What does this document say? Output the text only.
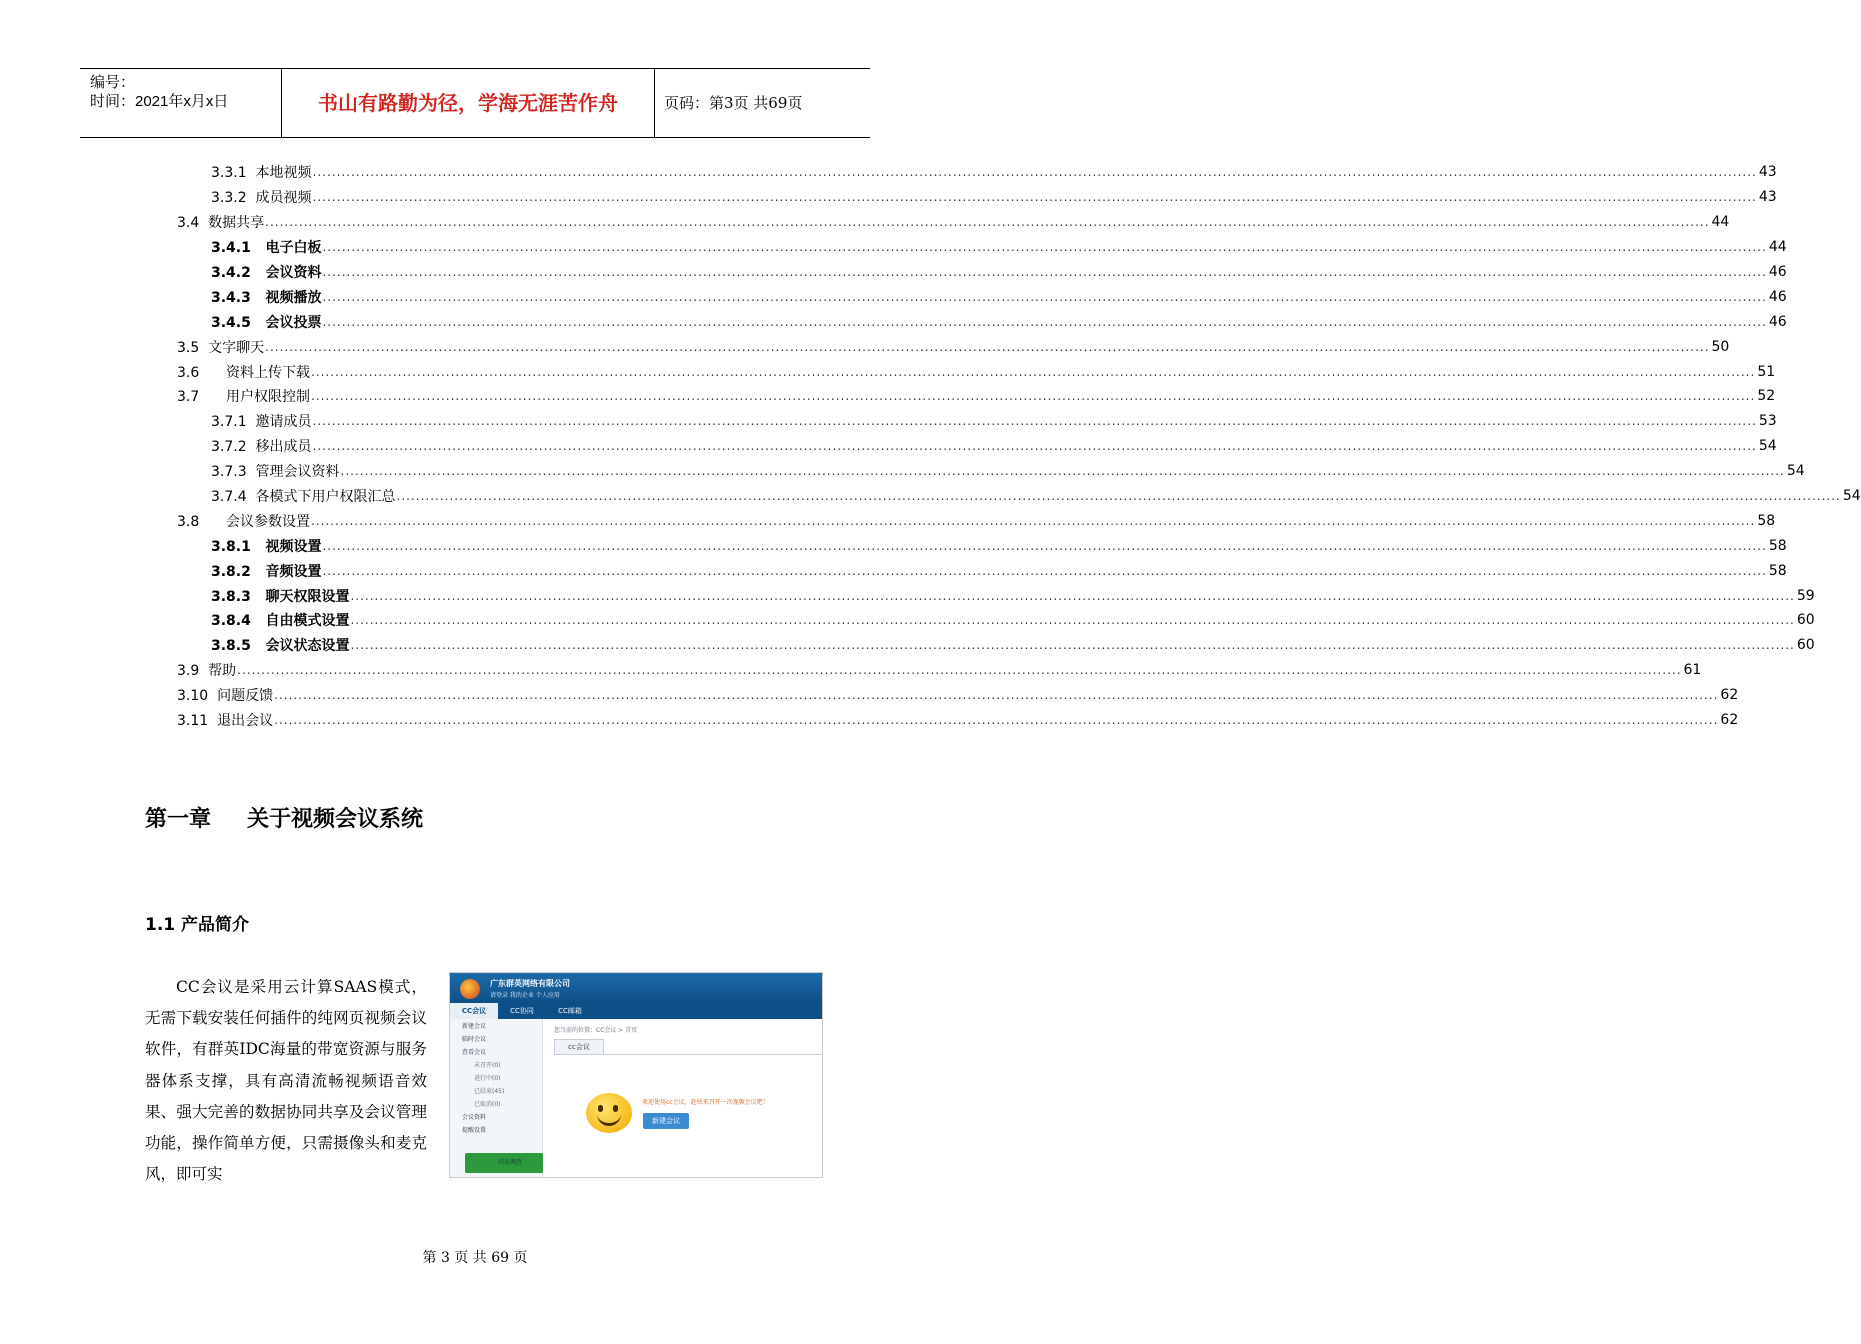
编号：
时间：2021年x月x日	书山有路勤为径，学海无涯苦作舟	页码：第3页 共69页
3.3.1  本地视频 ............................................................................................................................................................................................................................................................................................................ 43
3.3.2  成员视频 ............................................................................................................................................................................................................................................................................................................ 43
3.4  数据共享 ............................................................................................................................................................................................................................................................................................................ 44
3.4.1   电子白板 ............................................................................................................................................................................................................................................................................................................ 44
3.4.2   会议资料 ............................................................................................................................................................................................................................................................................................................ 46
3.4.3   视频播放 ............................................................................................................................................................................................................................................................................................................ 46
3.4.5   会议投票 ............................................................................................................................................................................................................................................................................................................ 46
3.5  文字聊天 ............................................................................................................................................................................................................................................................................................................ 50
3.6      资料上传下载 ............................................................................................................................................................................................................................................................................................................ 51
3.7      用户权限控制 ............................................................................................................................................................................................................................................................................................................ 52
3.7.1  邀请成员 ............................................................................................................................................................................................................................................................................................................ 53
3.7.2  移出成员 ............................................................................................................................................................................................................................................................................................................ 54
3.7.3  管理会议资料 ............................................................................................................................................................................................................................................................................................................ 54
3.7.4  各模式下用户权限汇总 ............................................................................................................................................................................................................................................................................................................ 54
3.8      会议参数设置 ............................................................................................................................................................................................................................................................................................................ 58
3.8.1   视频设置 ............................................................................................................................................................................................................................................................................................................ 58
3.8.2   音频设置 ............................................................................................................................................................................................................................................................................................................ 58
3.8.3   聊天权限设置 ............................................................................................................................................................................................................................................................................................................ 59
3.8.4   自由模式设置 ............................................................................................................................................................................................................................................................................................................ 60
3.8.5   会议状态设置 ............................................................................................................................................................................................................................................................................................................ 60
3.9  帮助 ............................................................................................................................................................................................................................................................................................................ 61
3.10  问题反馈 ............................................................................................................................................................................................................................................................................................................ 62
3.11  退出会议 ............................................................................................................................................................................................................................................................................................................ 62
第一章 关于视频会议系统
1.1 产品简介

CC会议是采用云计算SAAS模式，无需下载安装任何插件的纯网页视频会议软件，有群英IDC海量的带宽资源与服务器体系支撑，具有高清流畅视频语音效果、强大完善的数据协同共享及会议管理功能，操作简单方便，只需摄像头和麦克风，即可实

广东群英网络有限公司
请登录 我的企业 个人应用
CC会议	CC协同	CC邮箱
新建会议
临时会议
查看会议
未召开(0)
进行中(0)
已结束(45)
已取消(0)
会议资料
提醒设置
问卷调查
您当前的位置：CC会议 > 首页
cc会议
欢迎使用cc会议，赶快来召开一次视频会议吧！
新建会议
第 3 页 共 69 页
